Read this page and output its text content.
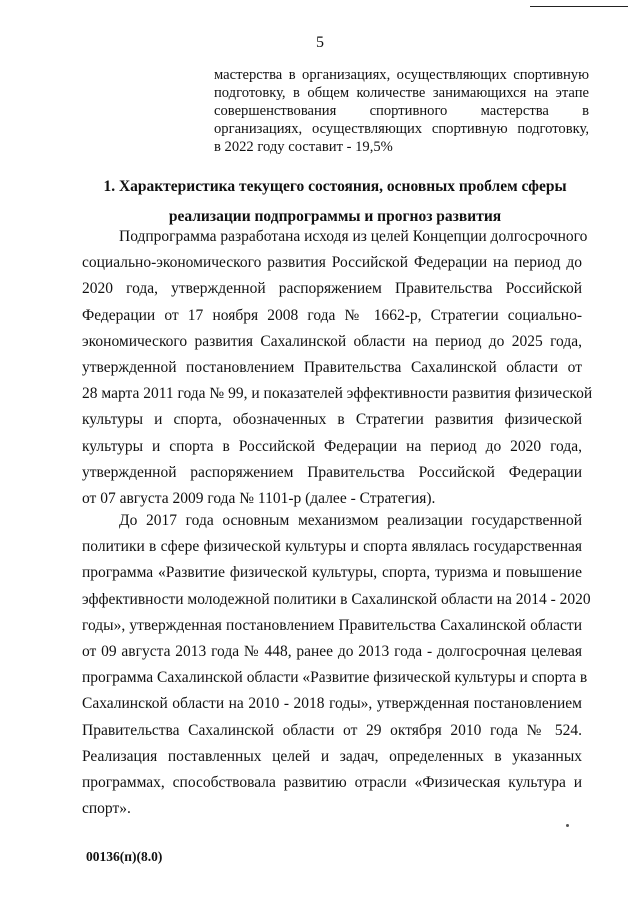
5
мастерства в организациях, осуществляющих спортивную
подготовку, в общем количестве занимающихся на этапе
совершенствования спортивного мастерства в
организациях, осуществляющих спортивную подготовку,
в 2022 году составит - 19,5%
1. Характеристика текущего состояния, основных проблем сферы
реализации подпрограммы и прогноз развития
Подпрограмма разработана исходя из целей Концепции долгосрочного
социально-экономического развития Российской Федерации на период до
2020 года, утвержденной распоряжением Правительства Российской
Федерации от 17 ноября 2008 года № 1662-р, Стратегии социально-
экономического развития Сахалинской области на период до 2025 года,
утвержденной постановлением Правительства Сахалинской области от
28 марта 2011 года № 99, и показателей эффективности развития физической
культуры и спорта, обозначенных в Стратегии развития физической
культуры и спорта в Российской Федерации на период до 2020 года,
утвержденной распоряжением Правительства Российской Федерации
от 07 августа 2009 года № 1101-р (далее - Стратегия).
До 2017 года основным механизмом реализации государственной
политики в сфере физической культуры и спорта являлась государственная
программа «Развитие физической культуры, спорта, туризма и повышение
эффективности молодежной политики в Сахалинской области на 2014 - 2020
годы», утвержденная постановлением Правительства Сахалинской области
от 09 августа 2013 года № 448, ранее до 2013 года - долгосрочная целевая
программа Сахалинской области «Развитие физической культуры и спорта в
Сахалинской области на 2010 - 2018 годы», утвержденная постановлением
Правительства Сахалинской области от 29 октября 2010 года № 524.
Реализация поставленных целей и задач, определенных в указанных
программах, способствовала развитию отрасли «Физическая культура и
спорт».
00136(п)(8.0)
